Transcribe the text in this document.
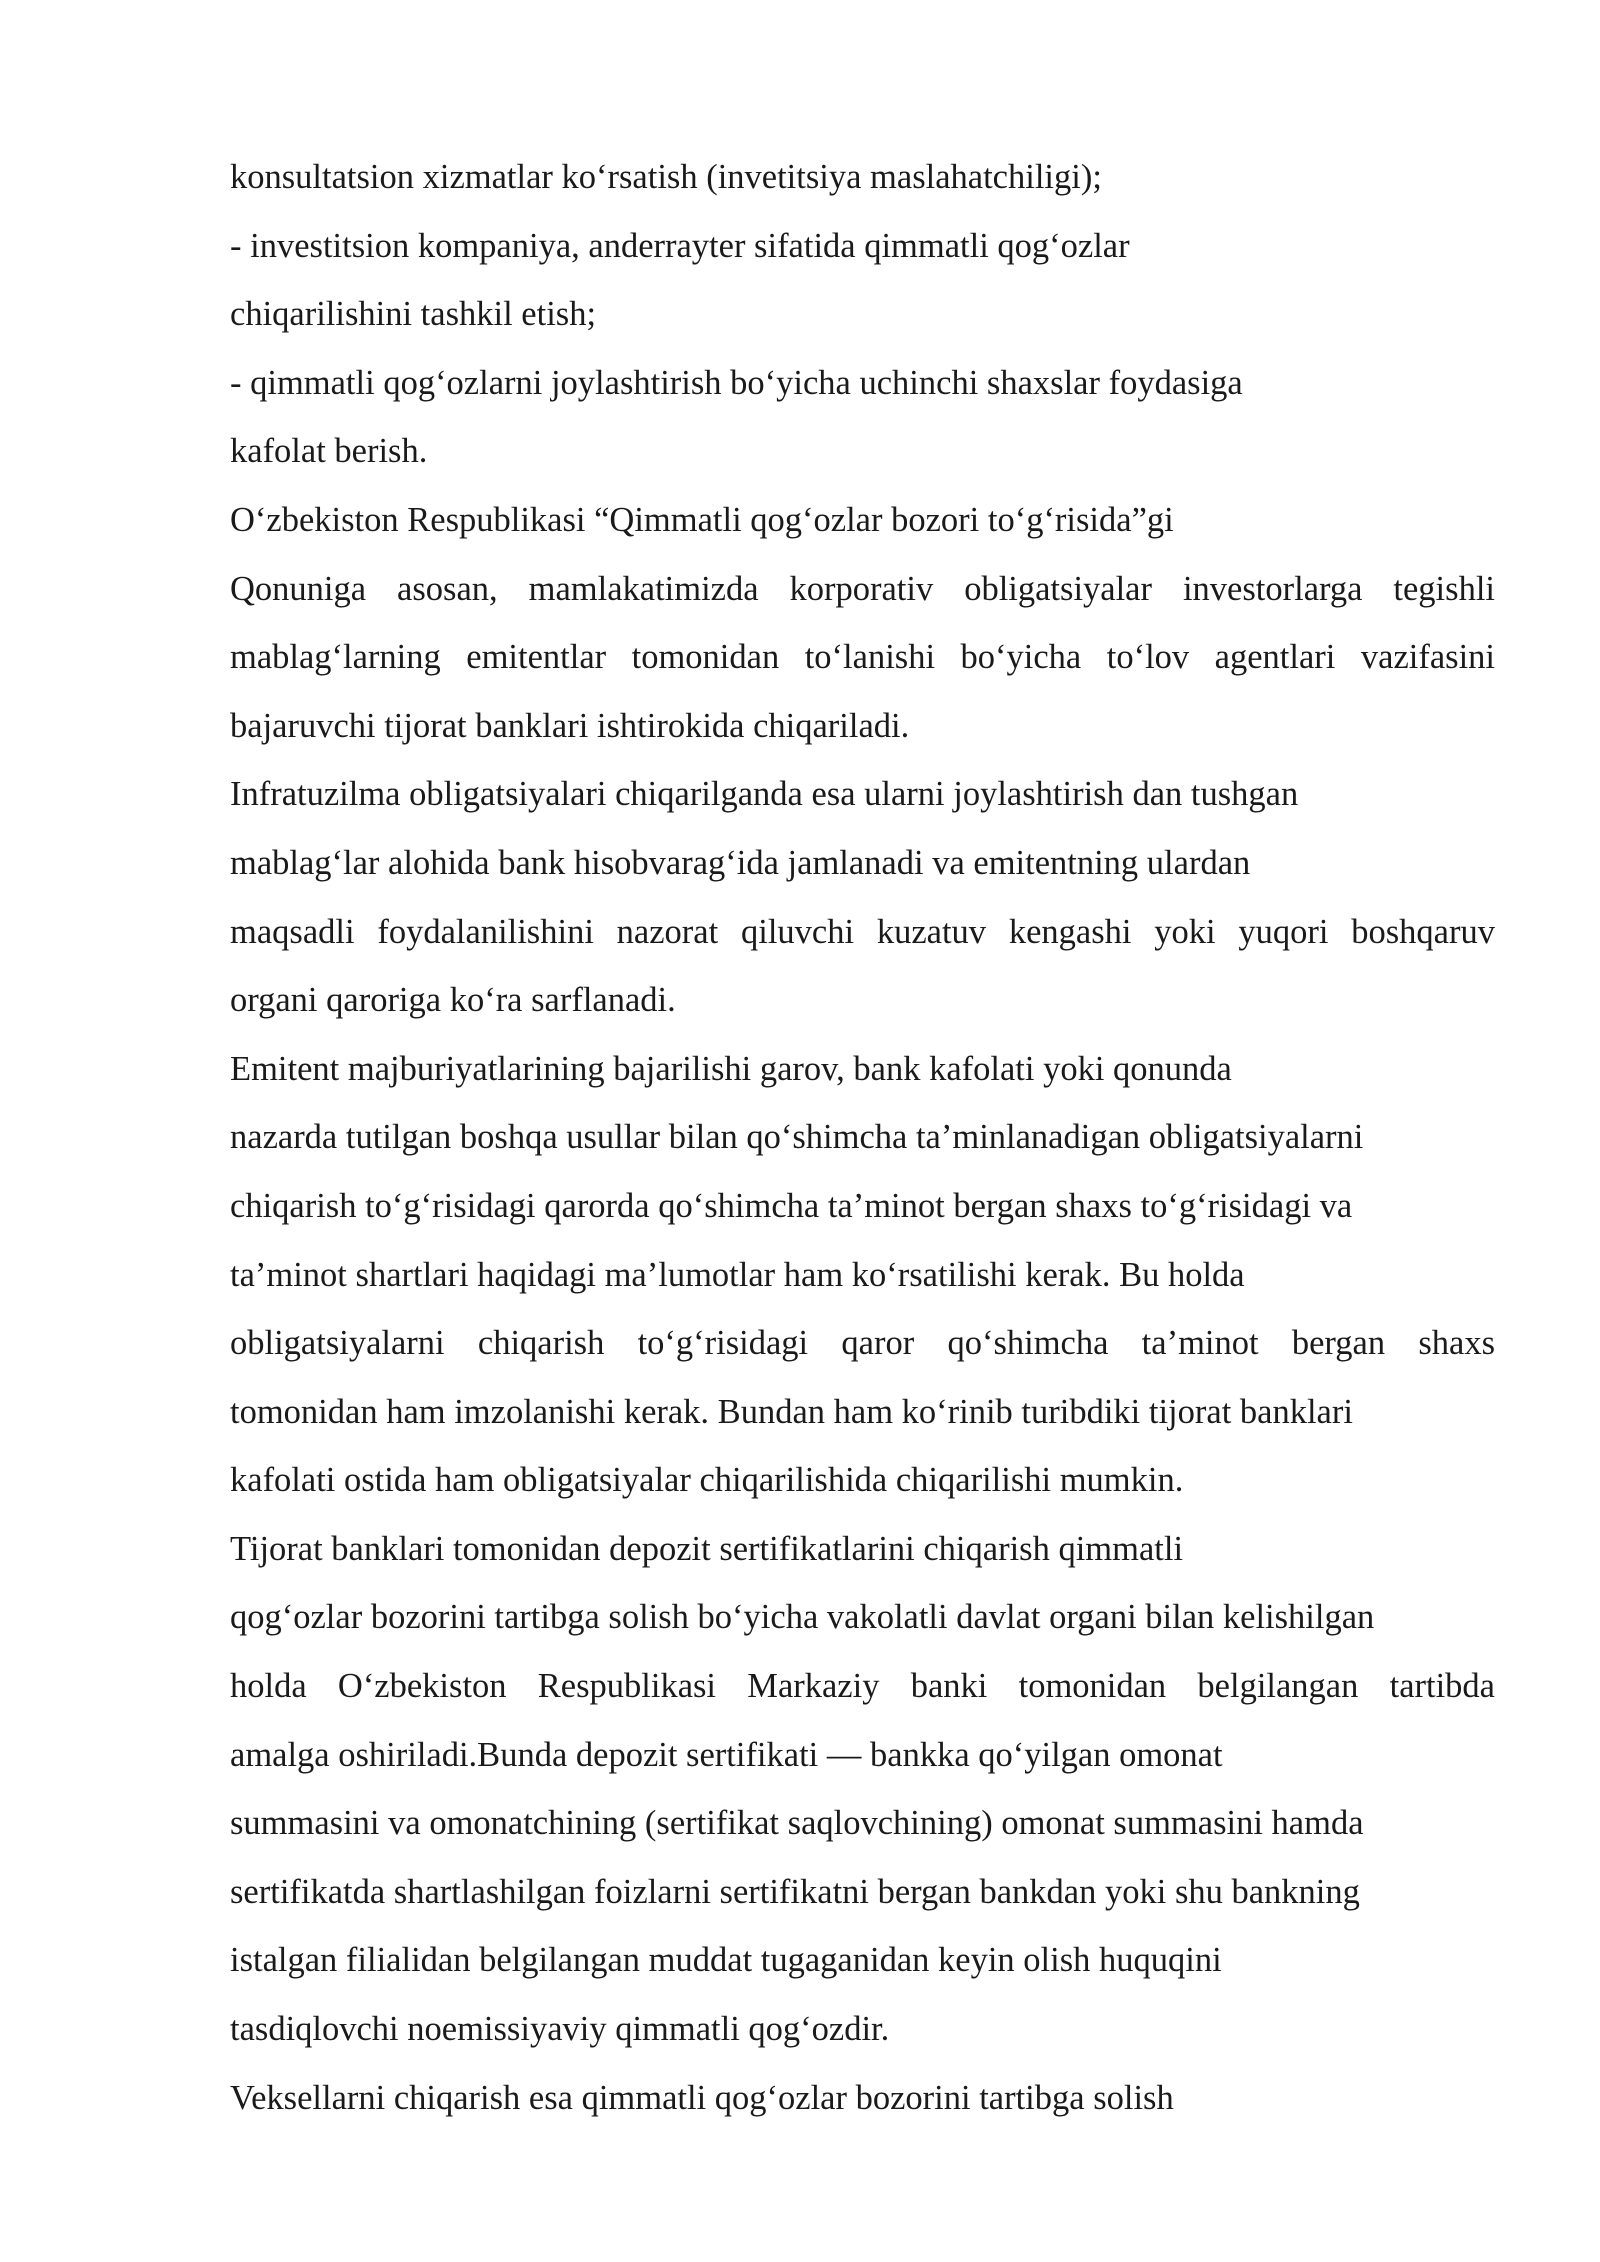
konsultatsion xizmatlar ko‘rsatish (invetitsiya maslahatchiligi);
- investitsion kompaniya, anderrayter sifatida qimmatli qog‘ozlar
chiqarilishini tashkil etish;
- qimmatli qog‘ozlarni joylashtirish bo‘yicha uchinchi shaxslar foydasiga
kafolat berish.
O‘zbekiston Respublikasi “Qimmatli qog‘ozlar bozori to‘g‘risida”gi
Qonuniga asosan, mamlakatimizda korporativ obligatsiyalar investorlarga tegishli
mablag‘larning emitentlar tomonidan to‘lanishi bo‘yicha to‘lov agentlari vazifasini
bajaruvchi tijorat banklari ishtirokida chiqariladi.
Infratuzilma obligatsiyalari chiqarilganda esa ularni joylashtirish dan tushgan
mablag‘lar alohida bank hisobvarag‘ida jamlanadi va emitentning ulardan
maqsadli foydalanilishini nazorat qiluvchi kuzatuv kengashi yoki yuqori boshqaruv
organi qaroriga ko‘ra sarflanadi.
Emitent majburiyatlarining bajarilishi garov, bank kafolati yoki qonunda
nazarda tutilgan boshqa usullar bilan qo‘shimcha ta’minlanadigan obligatsiyalarni
chiqarish to‘g‘risidagi qarorda qo‘shimcha ta’minot bergan shaxs to‘g‘risidagi va
ta’minot shartlari haqidagi ma’lumotlar ham ko‘rsatilishi kerak. Bu holda
obligatsiyalarni chiqarish to‘g‘risidagi qaror qo‘shimcha ta’minot bergan shaxs
tomonidan ham imzolanishi kerak. Bundan ham ko‘rinib turibdiki tijorat banklari
kafolati ostida ham obligatsiyalar chiqarilishida chiqarilishi mumkin.
Tijorat banklari tomonidan depozit sertifikatlarini chiqarish qimmatli
qog‘ozlar bozorini tartibga solish bo‘yicha vakolatli davlat organi bilan kelishilgan
holda O‘zbekiston Respublikasi Markaziy banki tomonidan belgilangan tartibda
amalga oshiriladi.Bunda depozit sertifikati — bankka qo‘yilgan omonat
summasini va omonatchining (sertifikat saqlovchining) omonat summasini hamda
sertifikatda shartlashilgan foizlarni sertifikatni bergan bankdan yoki shu bankning
istalgan filialidan belgilangan muddat tugaganidan keyin olish huquqini
tasdiqlovchi noemissiyaviy qimmatli qog‘ozdir.
Veksellarni chiqarish esa qimmatli qog‘ozlar bozorini tartibga solish
